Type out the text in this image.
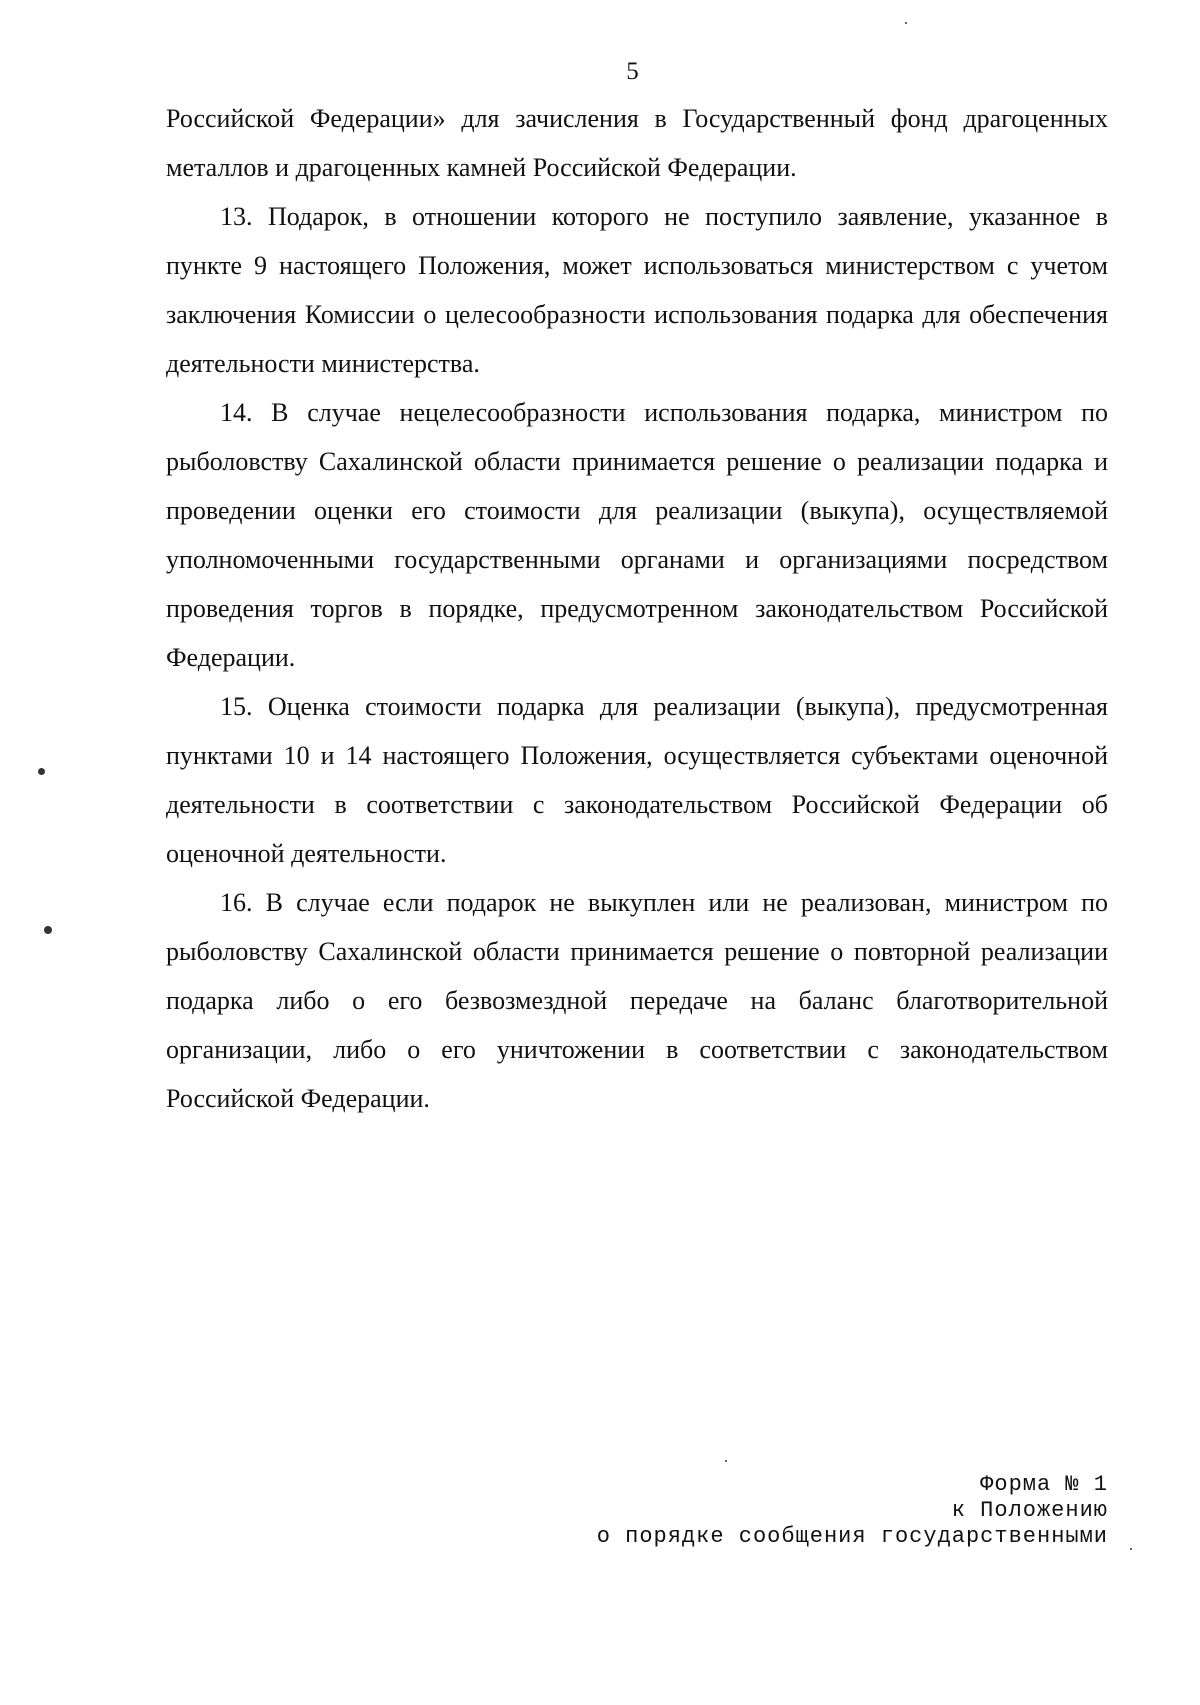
5

Российской Федерации» для зачисления в Государственный фонд драгоценных металлов и драгоценных камней Российской Федерации.

13. Подарок, в отношении которого не поступило заявление, указанное в пункте 9 настоящего Положения, может использоваться министерством с учетом заключения Комиссии о целесообразности использования подарка для обеспечения деятельности министерства.

14. В случае нецелесообразности использования подарка, министром по рыболовству Сахалинской области принимается решение о реализации подарка и проведении оценки его стоимости для реализации (выкупа), осуществляемой уполномоченными государственными органами и организациями посредством проведения торгов в порядке, предусмотренном законодательством Российской Федерации.

15. Оценка стоимости подарка для реализации (выкупа), предусмотренная пунктами 10 и 14 настоящего Положения, осуществляется субъектами оценочной деятельности в соответствии с законодательством Российской Федерации об оценочной деятельности.

16. В случае если подарок не выкуплен или не реализован, министром по рыболовству Сахалинской области принимается решение о повторной реализации подарка либо о его безвозмездной передаче на баланс благотворительной организации, либо о его уничтожении в соответствии с законодательством Российской Федерации.

Форма № 1
к Положению
о порядке сообщения государственными
